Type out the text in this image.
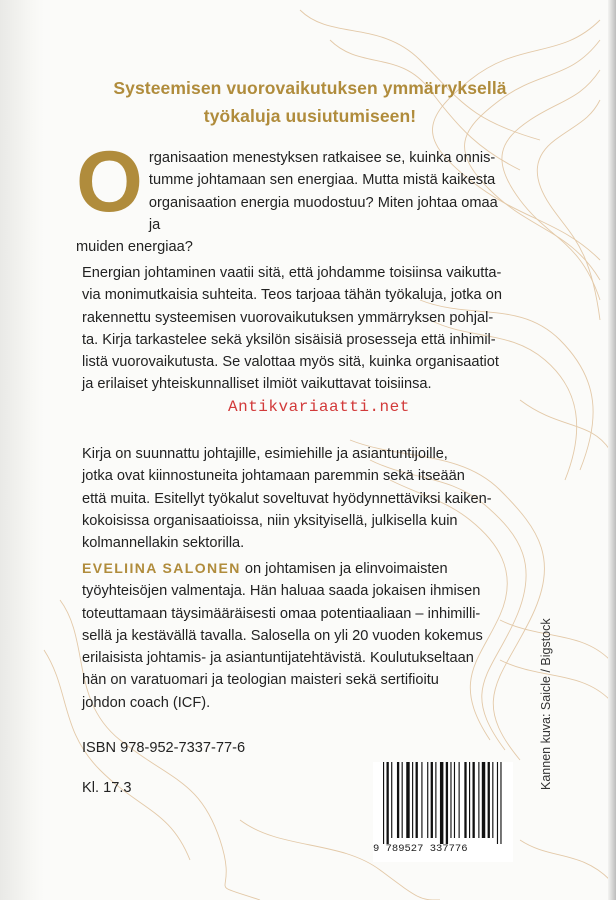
Systeemisen vuorovaikutuksen ymmärryksellä
työkaluja uusiutumiseen!
O rganisaation menestyksen ratkaisee se, kuinka onnis-
tumme johtamaan sen energiaa. Mutta mistä kaikesta
organisaation energia muodostuu? Miten johtaa omaa ja
muiden energiaa?
Energian johtaminen vaatii sitä, että johdamme toisiinsa vaikutta-
via monimutkaisia suhteita. Teos tarjoaa tähän työkaluja, jotka on
rakennettu systeemisen vuorovaikutuksen ymmärryksen pohjal-
ta. Kirja tarkastelee sekä yksilön sisäisiä prosesseja että inhimil-
listä vuorovaikutusta. Se valottaa myös sitä, kuinka organisaatiot
ja erilaiset yhteiskunnalliset ilmiöt vaikuttavat toisiinsa.
Kirja on suunnattu johtajille, esimiehille ja asiantuntijoille,
jotka ovat kiinnostuneita johtamaan paremmin sekä itseään
että muita. Esitellyt työkalut soveltuvat hyödynnettäviksi kaiken-
kokoisissa organisaatioissa, niin yksityisellä, julkisella kuin
kolmannellakin sektorilla.
EVELIINA SALONEN on johtamisen ja elinvoimaisten
työyhteisöjen valmentaja. Hän haluaa saada jokaisen ihmisen
toteuttamaan täysimääräisesti omaa potentiaaliaan – inhimilli-
sellä ja kestävällä tavalla. Salosella on yli 20 vuoden kokemus
erilaisista johtamis- ja asiantuntijatehtävistä. Koulutukseltaan
hän on varatuomari ja teologian maisteri sekä sertifioitu
johdon coach (ICF).
ISBN 978-952-7337-77-6
Kl. 17.3
9 789527 337776
Kannen kuva: Saicle / Bigstock
Antikvariaatti.net
